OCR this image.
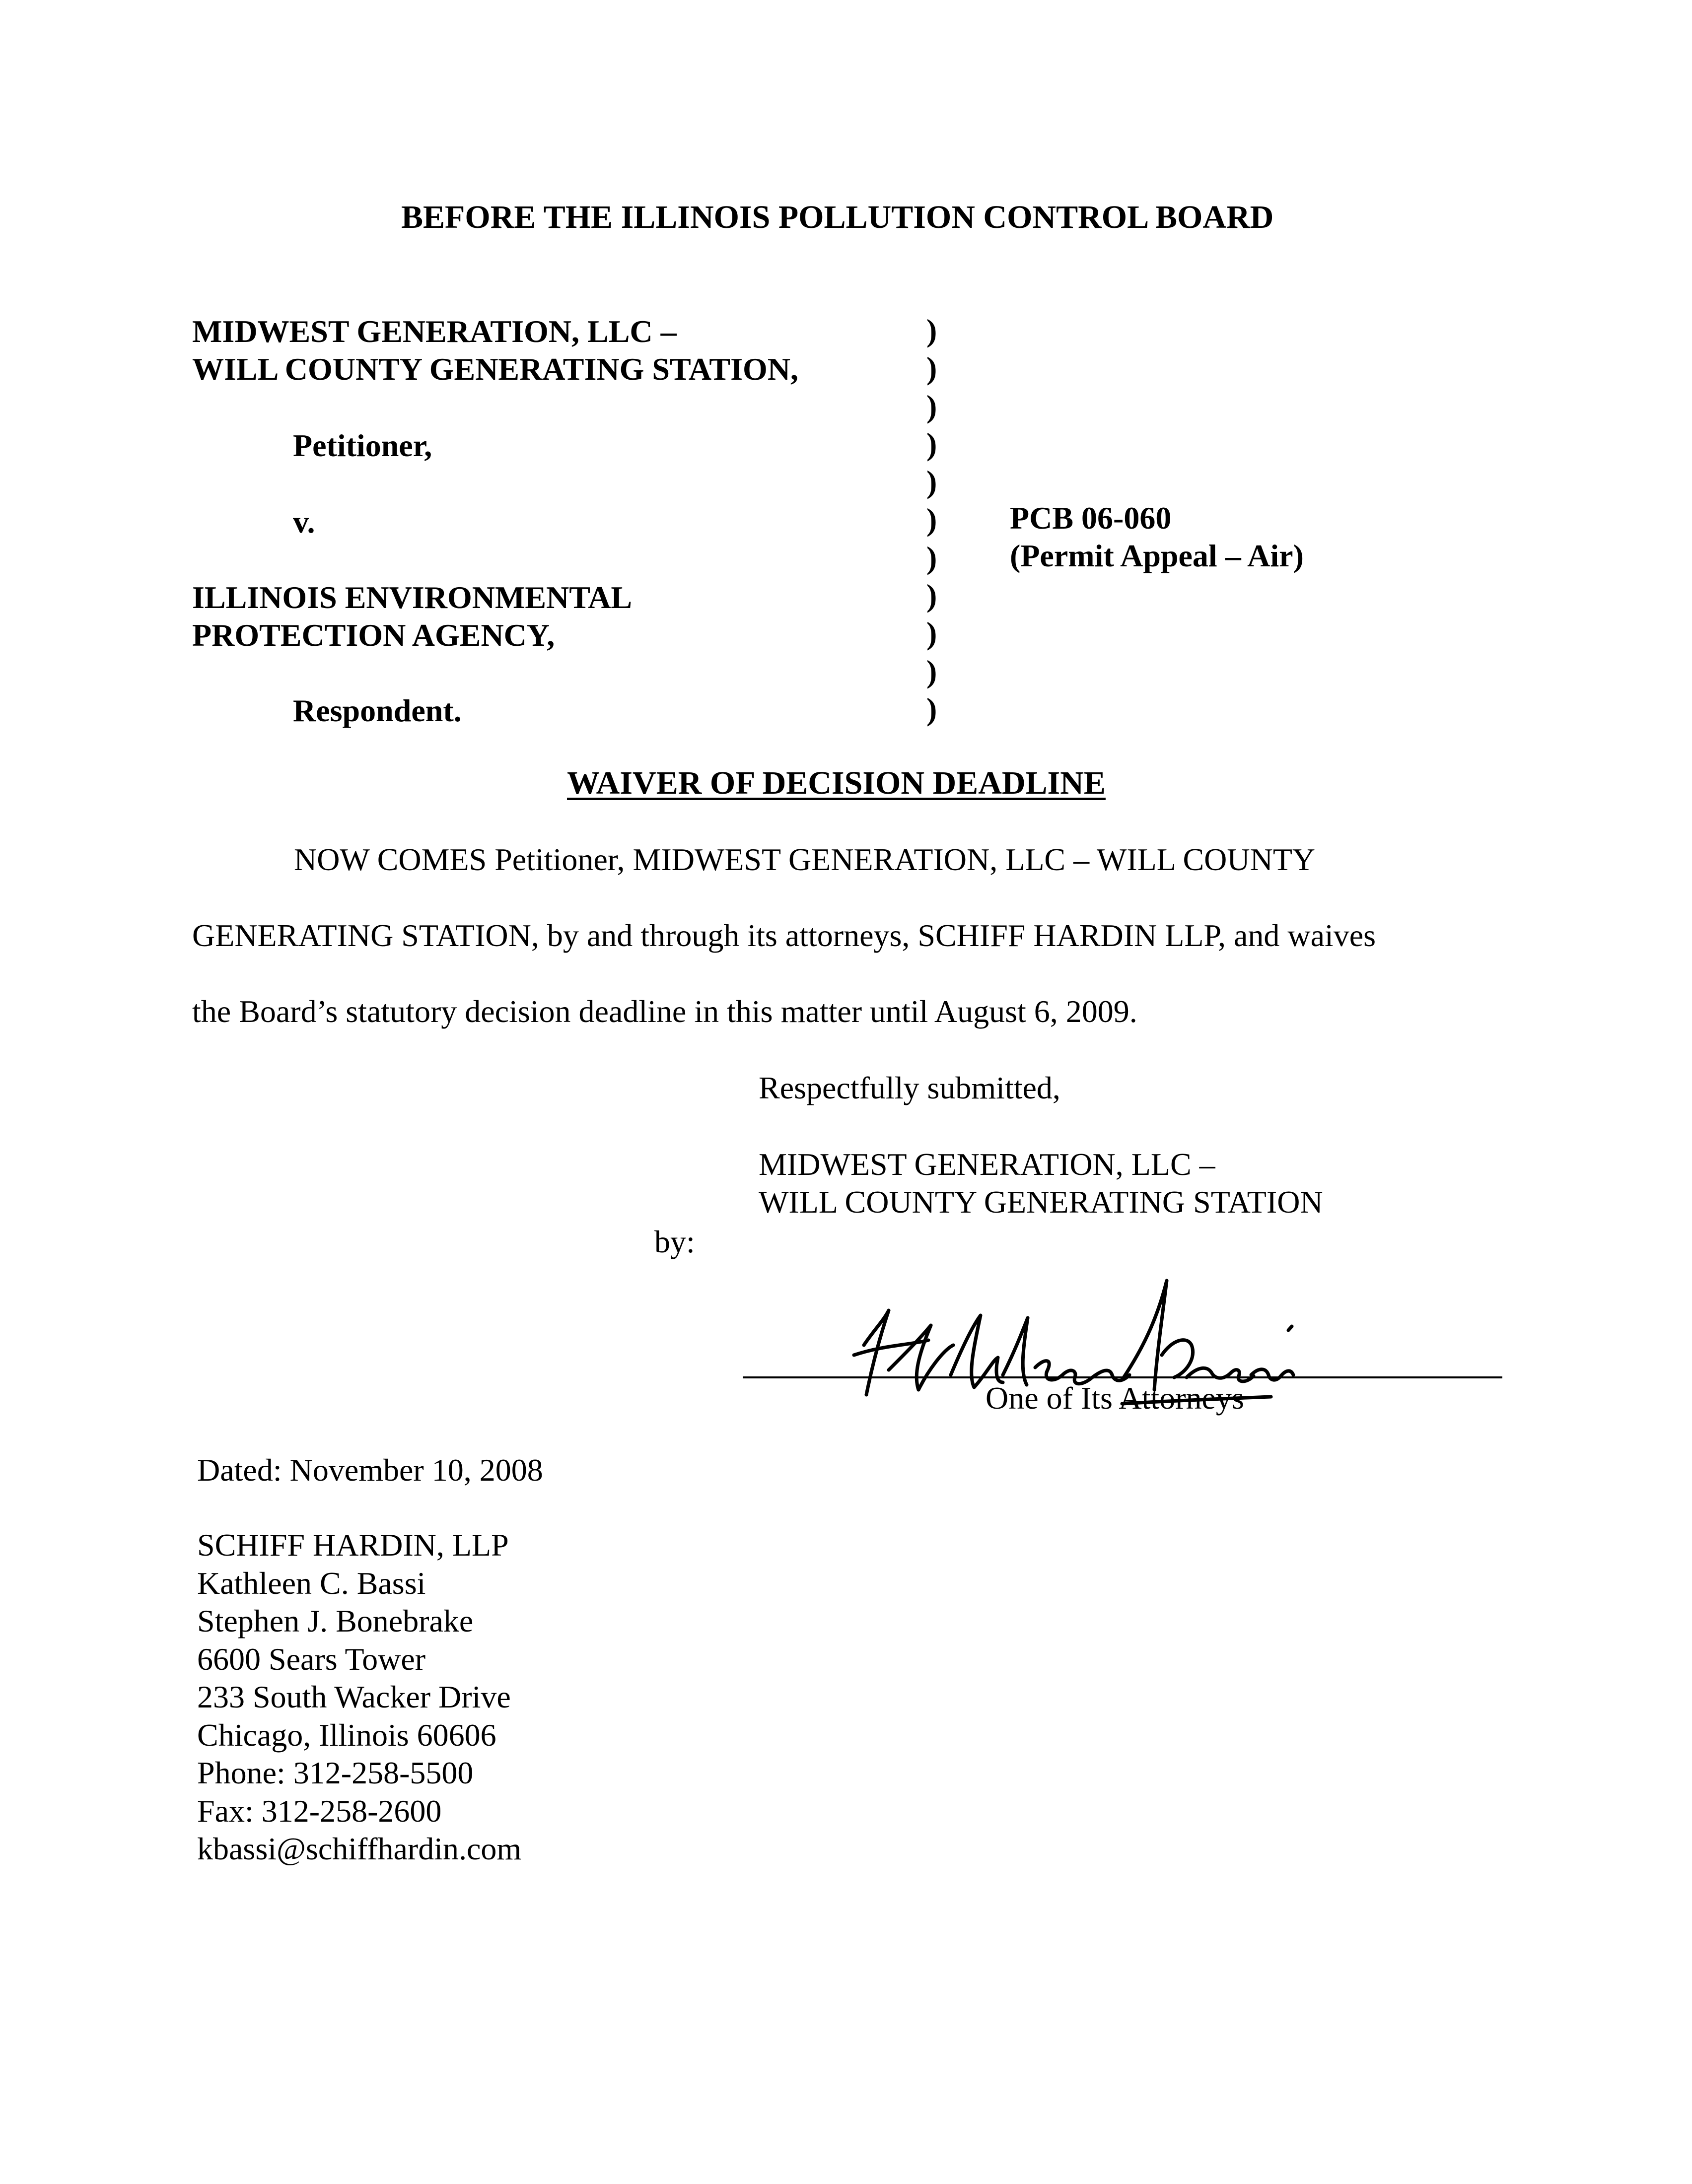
BEFORE THE ILLINOIS POLLUTION CONTROL BOARD
MIDWEST GENERATION, LLC –
WILL COUNTY GENERATING STATION,
Petitioner,
v.
ILLINOIS ENVIRONMENTAL
PROTECTION AGENCY,
Respondent.
)
)
)
)
)
)
)
)
)
)
)
PCB 06-060
(Permit Appeal – Air)
WAIVER OF DECISION DEADLINE
NOW COMES Petitioner, MIDWEST GENERATION, LLC – WILL COUNTY
GENERATING STATION, by and through its attorneys, SCHIFF HARDIN LLP, and waives
the Board’s statutory decision deadline in this matter until August 6, 2009.
Respectfully submitted,
MIDWEST GENERATION, LLC –
WILL COUNTY GENERATING STATION
by:
One of Its Attorneys
Dated: November 10, 2008
SCHIFF HARDIN, LLP
Kathleen C. Bassi
Stephen J. Bonebrake
6600 Sears Tower
233 South Wacker Drive
Chicago, Illinois 60606
Phone: 312-258-5500
Fax: 312-258-2600
kbassi@schiffhardin.com
